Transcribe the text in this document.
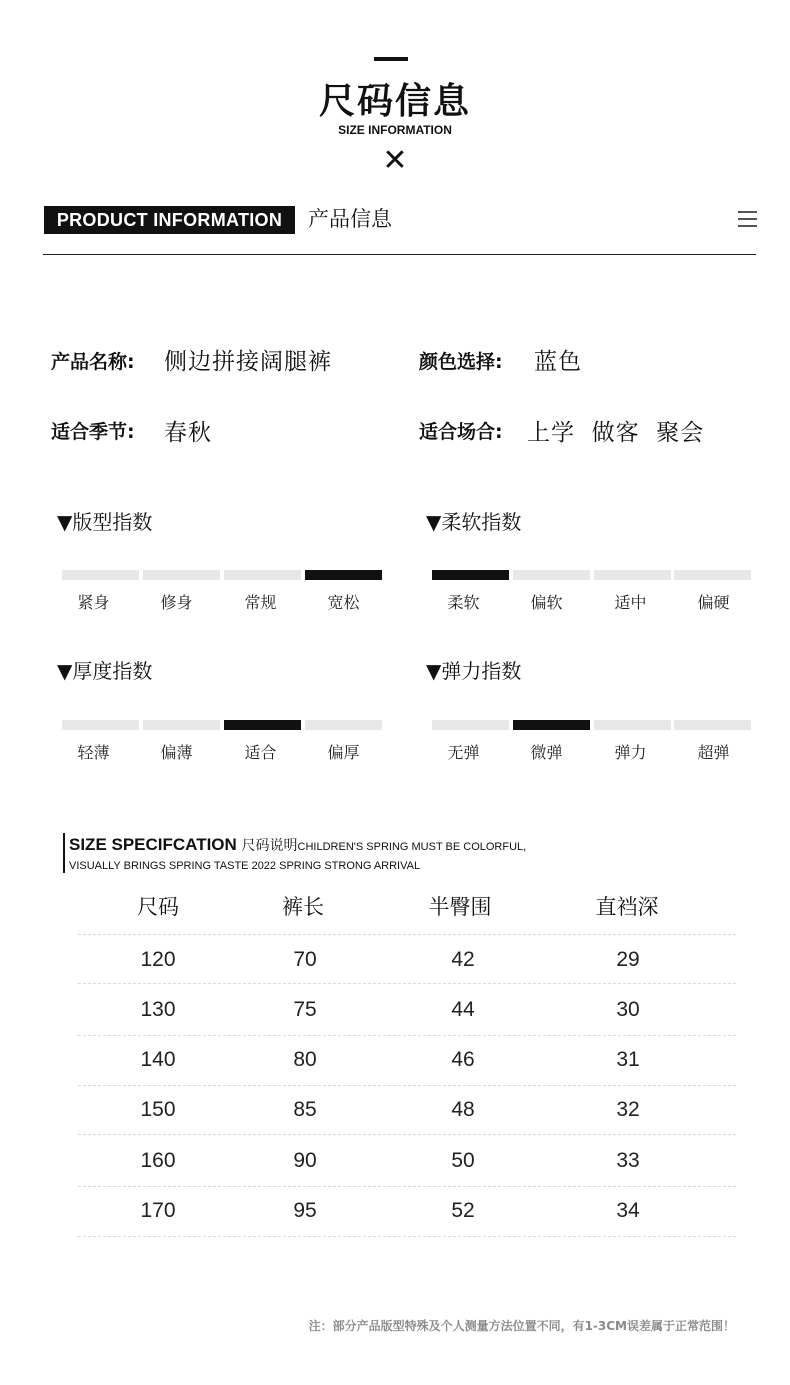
尺码信息
SIZE INFORMATION
✕
PRODUCT INFORMATION	产品信息
产品名称: 侧边拼接阔腿裤	颜色选择: 蓝色
适合季节: 春秋	适合场合: 上学  做客  聚会
▼版型指数
紧身	修身	常规	宽松
▼柔软指数
柔软	偏软	适中	偏硬
▼厚度指数
轻薄	偏薄	适合	偏厚
▼弹力指数
无弹	微弹	弹力	超弹
SIZE SPECIFCATION 尺码说明CHILDREN'S SPRING MUST BE COLORFUL,
VISUALLY BRINGS SPRING TASTE 2022 SPRING STRONG ARRIVAL
尺码	裤长	半臀围	直裆深
120	70	42	29
130	75	44	30
140	80	46	31
150	85	48	32
160	90	50	33
170	95	52	34
注：部分产品版型特殊及个人测量方法位置不同，有1-3CM误差属于正常范围！
